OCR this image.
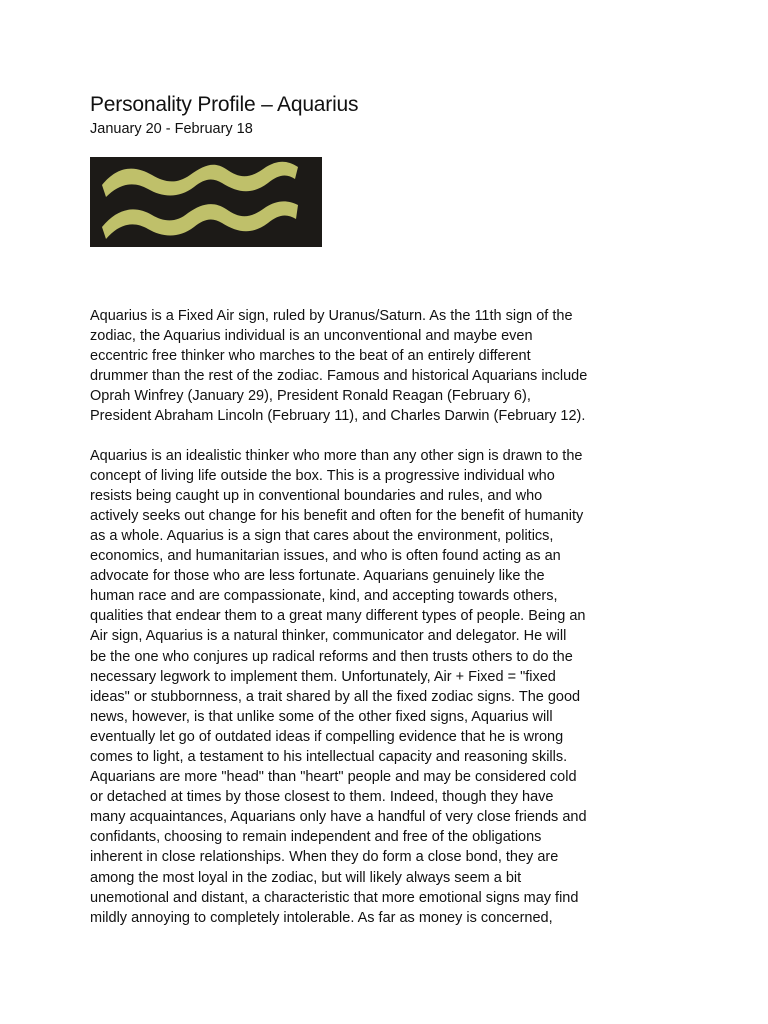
Personality Profile – Aquarius
January 20 - February 18

Aquarius is a Fixed Air sign, ruled by Uranus/Saturn. As the 11th sign of the
zodiac, the Aquarius individual is an unconventional and maybe even
eccentric free thinker who marches to the beat of an entirely different
drummer than the rest of the zodiac. Famous and historical Aquarians include
Oprah Winfrey (January 29), President Ronald Reagan (February 6),
President Abraham Lincoln (February 11), and Charles Darwin (February 12).

Aquarius is an idealistic thinker who more than any other sign is drawn to the
concept of living life outside the box. This is a progressive individual who
resists being caught up in conventional boundaries and rules, and who
actively seeks out change for his benefit and often for the benefit of humanity
as a whole. Aquarius is a sign that cares about the environment, politics,
economics, and humanitarian issues, and who is often found acting as an
advocate for those who are less fortunate. Aquarians genuinely like the
human race and are compassionate, kind, and accepting towards others,
qualities that endear them to a great many different types of people. Being an
Air sign, Aquarius is a natural thinker, communicator and delegator. He will
be the one who conjures up radical reforms and then trusts others to do the
necessary legwork to implement them. Unfortunately, Air + Fixed = "fixed
ideas" or stubbornness, a trait shared by all the fixed zodiac signs. The good
news, however, is that unlike some of the other fixed signs, Aquarius will
eventually let go of outdated ideas if compelling evidence that he is wrong
comes to light, a testament to his intellectual capacity and reasoning skills.
Aquarians are more "head" than "heart" people and may be considered cold
or detached at times by those closest to them. Indeed, though they have
many acquaintances, Aquarians only have a handful of very close friends and
confidants, choosing to remain independent and free of the obligations
inherent in close relationships. When they do form a close bond, they are
among the most loyal in the zodiac, but will likely always seem a bit
unemotional and distant, a characteristic that more emotional signs may find
mildly annoying to completely intolerable. As far as money is concerned,
